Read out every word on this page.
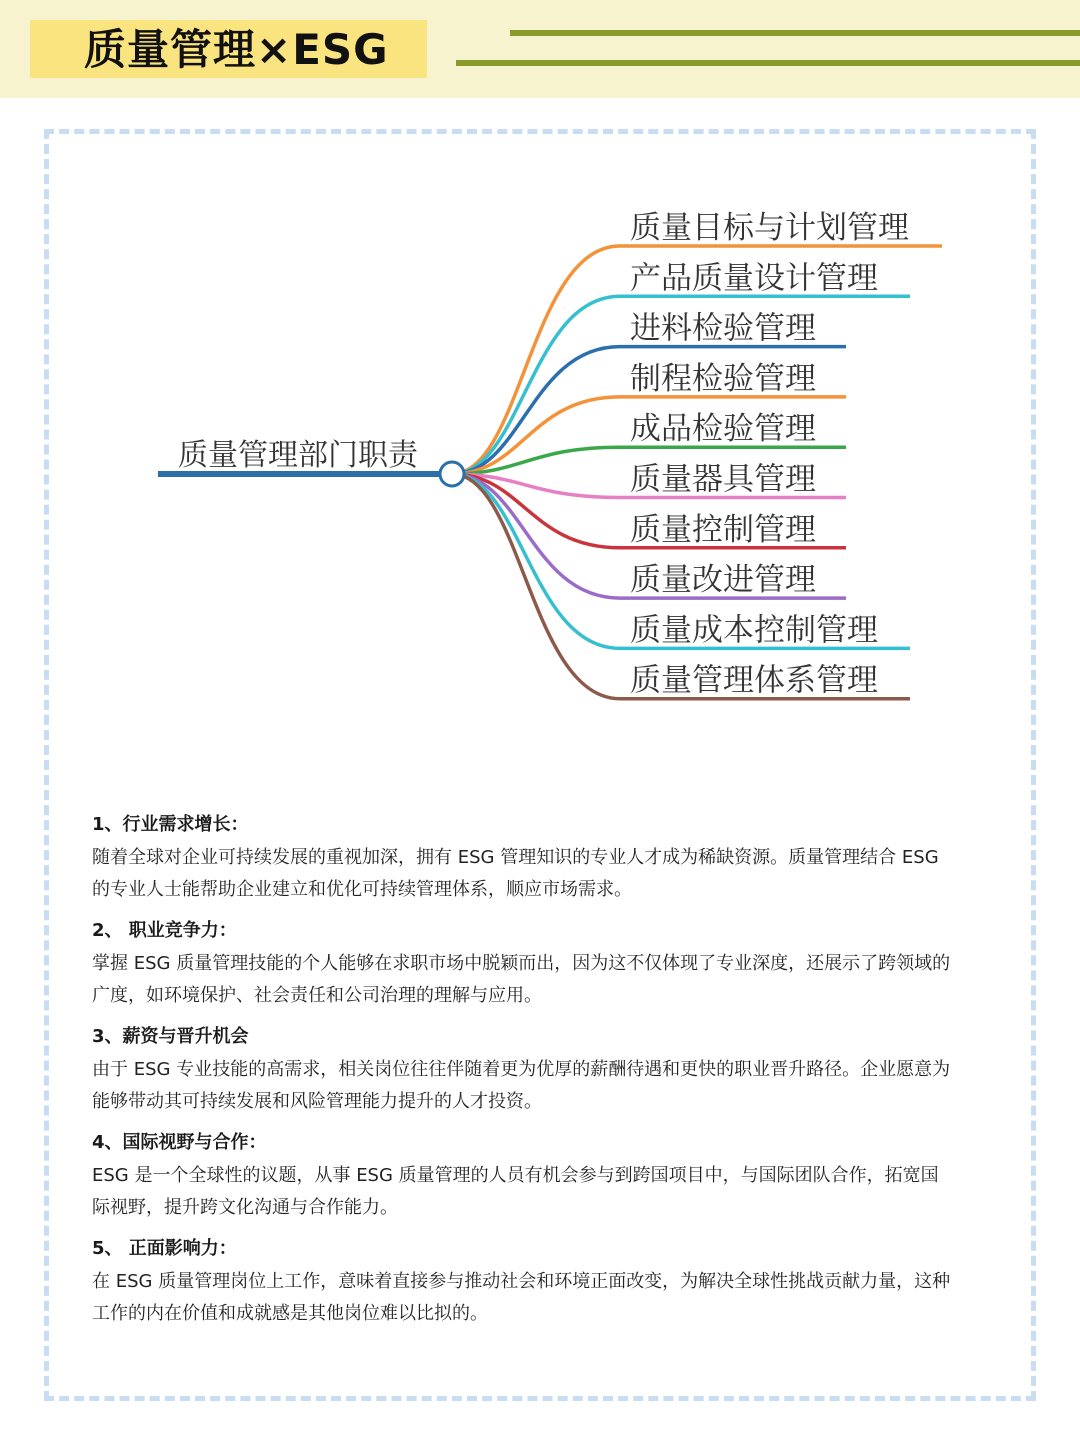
质量管理×ESG
质量目标与计划管理
产品质量设计管理
进料检验管理
制程检验管理
成品检验管理
质量器具管理
质量控制管理
质量改进管理
质量成本控制管理
质量管理体系管理
质量管理部门职责
1、行业需求增长：
随着全球对企业可持续发展的重视加深，拥有 ESG 管理知识的专业人才成为稀缺资源。质量管理结合 ESG 的专业人士能帮助企业建立和优化可持续管理体系，顺应市场需求。
2、 职业竞争力：
掌握 ESG 质量管理技能的个人能够在求职市场中脱颖而出，因为这不仅体现了专业深度，还展示了跨领域的广度，如环境保护、社会责任和公司治理的理解与应用。
3、薪资与晋升机会
由于 ESG 专业技能的高需求，相关岗位往往伴随着更为优厚的薪酬待遇和更快的职业晋升路径。企业愿意为能够带动其可持续发展和风险管理能力提升的人才投资。
4、国际视野与合作：
ESG 是一个全球性的议题，从事 ESG 质量管理的人员有机会参与到跨国项目中，与国际团队合作，拓宽国际视野，提升跨文化沟通与合作能力。
5、 正面影响力：
在 ESG 质量管理岗位上工作，意味着直接参与推动社会和环境正面改变，为解决全球性挑战贡献力量，这种工作的内在价值和成就感是其他岗位难以比拟的。
